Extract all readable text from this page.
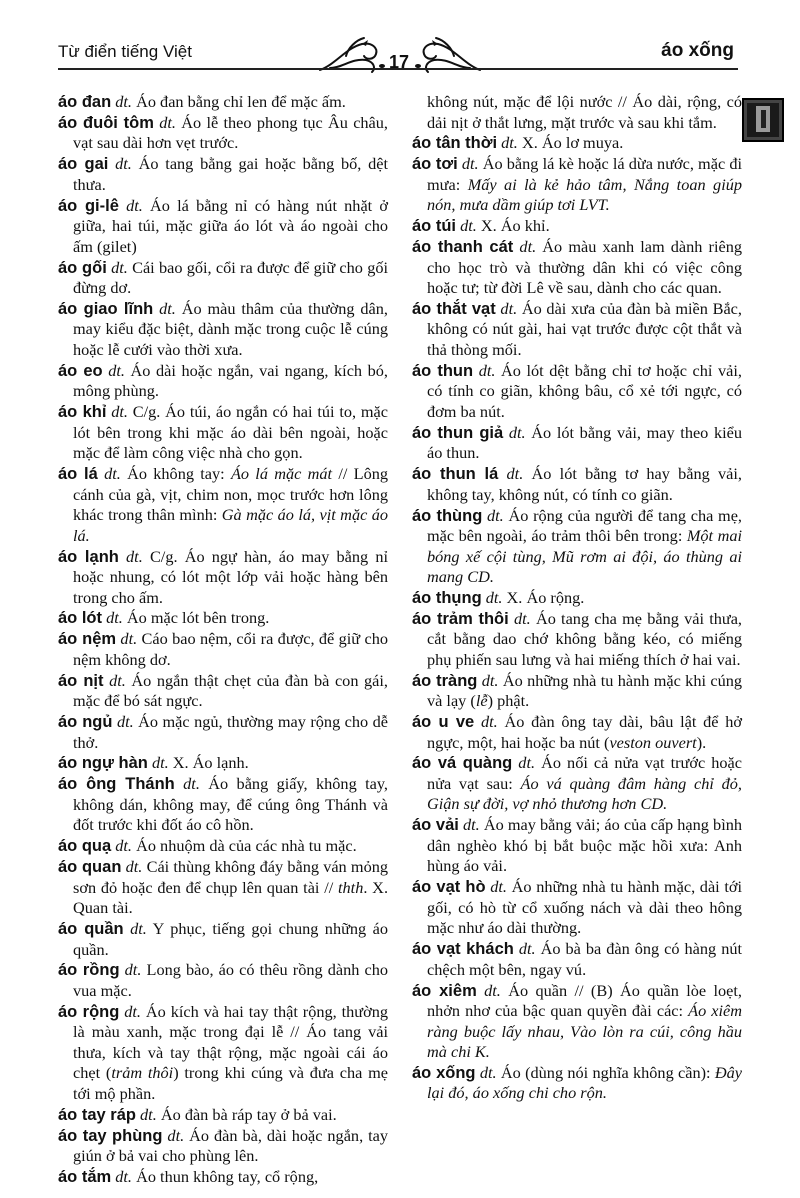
Từ điển tiếng Việt
17
áo xống
áo đan dt. Áo đan bằng chỉ len để mặc ấm.
áo đuôi tôm dt. Áo lễ theo phong tục Âu châu, vạt sau dài hơn vẹt trước.
áo gai dt. Áo tang bằng gai hoặc bằng bố, dệt thưa.
áo gi-lê dt. Áo lá bằng nỉ có hàng nút nhặt ở giữa, hai túi, mặc giữa áo lót và áo ngoài cho ấm (gilet)
áo gối dt. Cái bao gối, cổi ra được để giữ cho gối đừng dơ.
áo giao lĩnh dt. Áo màu thâm của thường dân, may kiểu đặc biệt, dành mặc trong cuộc lễ cúng hoặc lễ cưới vào thời xưa.
áo eo dt. Áo dài hoặc ngắn, vai ngang, kích bó, mông phùng.
áo khỉ dt. C/g. Áo túi, áo ngắn có hai túi to, mặc lót bên trong khi mặc áo dài bên ngoài, hoặc mặc để làm công việc nhà cho gọn.
áo lá dt. Áo không tay: Áo lá mặc mát // Lông cánh của gà, vịt, chim non, mọc trước hơn lông khác trong thân mình: Gà mặc áo lá, vịt mặc áo lá.
áo lạnh dt. C/g. Áo ngự hàn, áo may bằng nỉ hoặc nhung, có lót một lớp vải hoặc hàng bên trong cho ấm.
áo lót dt. Áo mặc lót bên trong.
áo nệm dt. Cáo bao nệm, cổi ra được, để giữ cho nệm không dơ.
áo nịt dt. Áo ngắn thật chẹt của đàn bà con gái, mặc để bó sát ngực.
áo ngủ dt. Áo mặc ngủ, thường may rộng cho dễ thở.
áo ngự hàn dt. X. Áo lạnh.
áo ông Thánh dt. Áo bằng giấy, không tay, không dán, không may, để cúng ông Thánh và đốt trước khi đốt áo cô hồn.
áo quạ dt. Áo nhuộm dà của các nhà tu mặc.
áo quan dt. Cái thùng không đáy bằng ván mỏng sơn đỏ hoặc đen để chụp lên quan tài // thth. X. Quan tài.
áo quần dt. Y phục, tiếng gọi chung những áo quần.
áo rồng dt. Long bào, áo có thêu rồng dành cho vua mặc.
áo rộng dt. Áo kích và hai tay thật rộng, thường là màu xanh, mặc trong đại lễ // Áo tang vải thưa, kích và tay thật rộng, mặc ngoài cái áo chẹt (trảm thôi) trong khi cúng và đưa cha mẹ tới mộ phần.
áo tay ráp dt. Áo đàn bà ráp tay ở bả vai.
áo tay phùng dt. Áo đàn bà, dài hoặc ngắn, tay giún ở bả vai cho phùng lên.
áo tắm dt. Áo thun không tay, cổ rộng,
không nút, mặc để lội nước // Áo dài, rộng, có dải nịt ở thắt lưng, mặt trước và sau khi tắm.
áo tân thời dt. X. Áo lơ muya.
áo tơi dt. Áo bằng lá kè hoặc lá dừa nước, mặc đi mưa: Mấy ai là kẻ hảo tâm, Nắng toan giúp nón, mưa dầm giúp tơi LVT.
áo túi dt. X. Áo khỉ.
áo thanh cát dt. Áo màu xanh lam dành riêng cho học trò và thường dân khi có việc công hoặc tư; từ đời Lê về sau, dành cho các quan.
áo thắt vạt dt. Áo dài xưa của đàn bà miền Bắc, không có nút gài, hai vạt trước được cột thắt và thả thòng mối.
áo thun dt. Áo lót dệt bằng chỉ tơ hoặc chỉ vải, có tính co giãn, không bâu, cổ xẻ tới ngực, có đơm ba nút.
áo thun giả dt. Áo lót bằng vải, may theo kiểu áo thun.
áo thun lá dt. Áo lót bằng tơ hay bằng vải, không tay, không nút, có tính co giãn.
áo thùng dt. Áo rộng của người để tang cha mẹ, mặc bên ngoài, áo trảm thôi bên trong: Một mai bóng xế cội tùng, Mũ rơm ai đội, áo thùng ai mang CD.
áo thụng dt. X. Áo rộng.
áo trảm thôi dt. Áo tang cha mẹ bằng vải thưa, cắt bằng dao chớ không bằng kéo, có miếng phụ phiến sau lưng và hai miếng thích ở hai vai.
áo tràng dt. Áo những nhà tu hành mặc khi cúng và lạy (lễ) phật.
áo u ve dt. Áo đàn ông tay dài, bâu lật để hở ngực, một, hai hoặc ba nút (veston ouvert).
áo vá quàng dt. Áo nối cả nửa vạt trước hoặc nửa vạt sau: Áo vá quàng đâm hàng chỉ đỏ, Giận sự đời, vợ nhỏ thương hơn CD.
áo vải dt. Áo may bằng vải; áo của cấp hạng bình dân nghèo khó bị bắt buộc mặc hồi xưa: Anh hùng áo vải.
áo vạt hò dt. Áo những nhà tu hành mặc, dài tới gối, có hò từ cổ xuống nách và dài theo hông mặc như áo dài thường.
áo vạt khách dt. Áo bà ba đàn ông có hàng nút chệch một bên, ngay vú.
áo xiêm dt. Áo quần // (B) Áo quần lòe loẹt, nhởn nhơ của bậc quan quyền đài các: Áo xiêm ràng buộc lấy nhau, Vào lòn ra cúi, công hầu mà chi K.
áo xống dt. Áo (dùng nói nghĩa không cần): Đây lại đó, áo xống chi cho rộn.
